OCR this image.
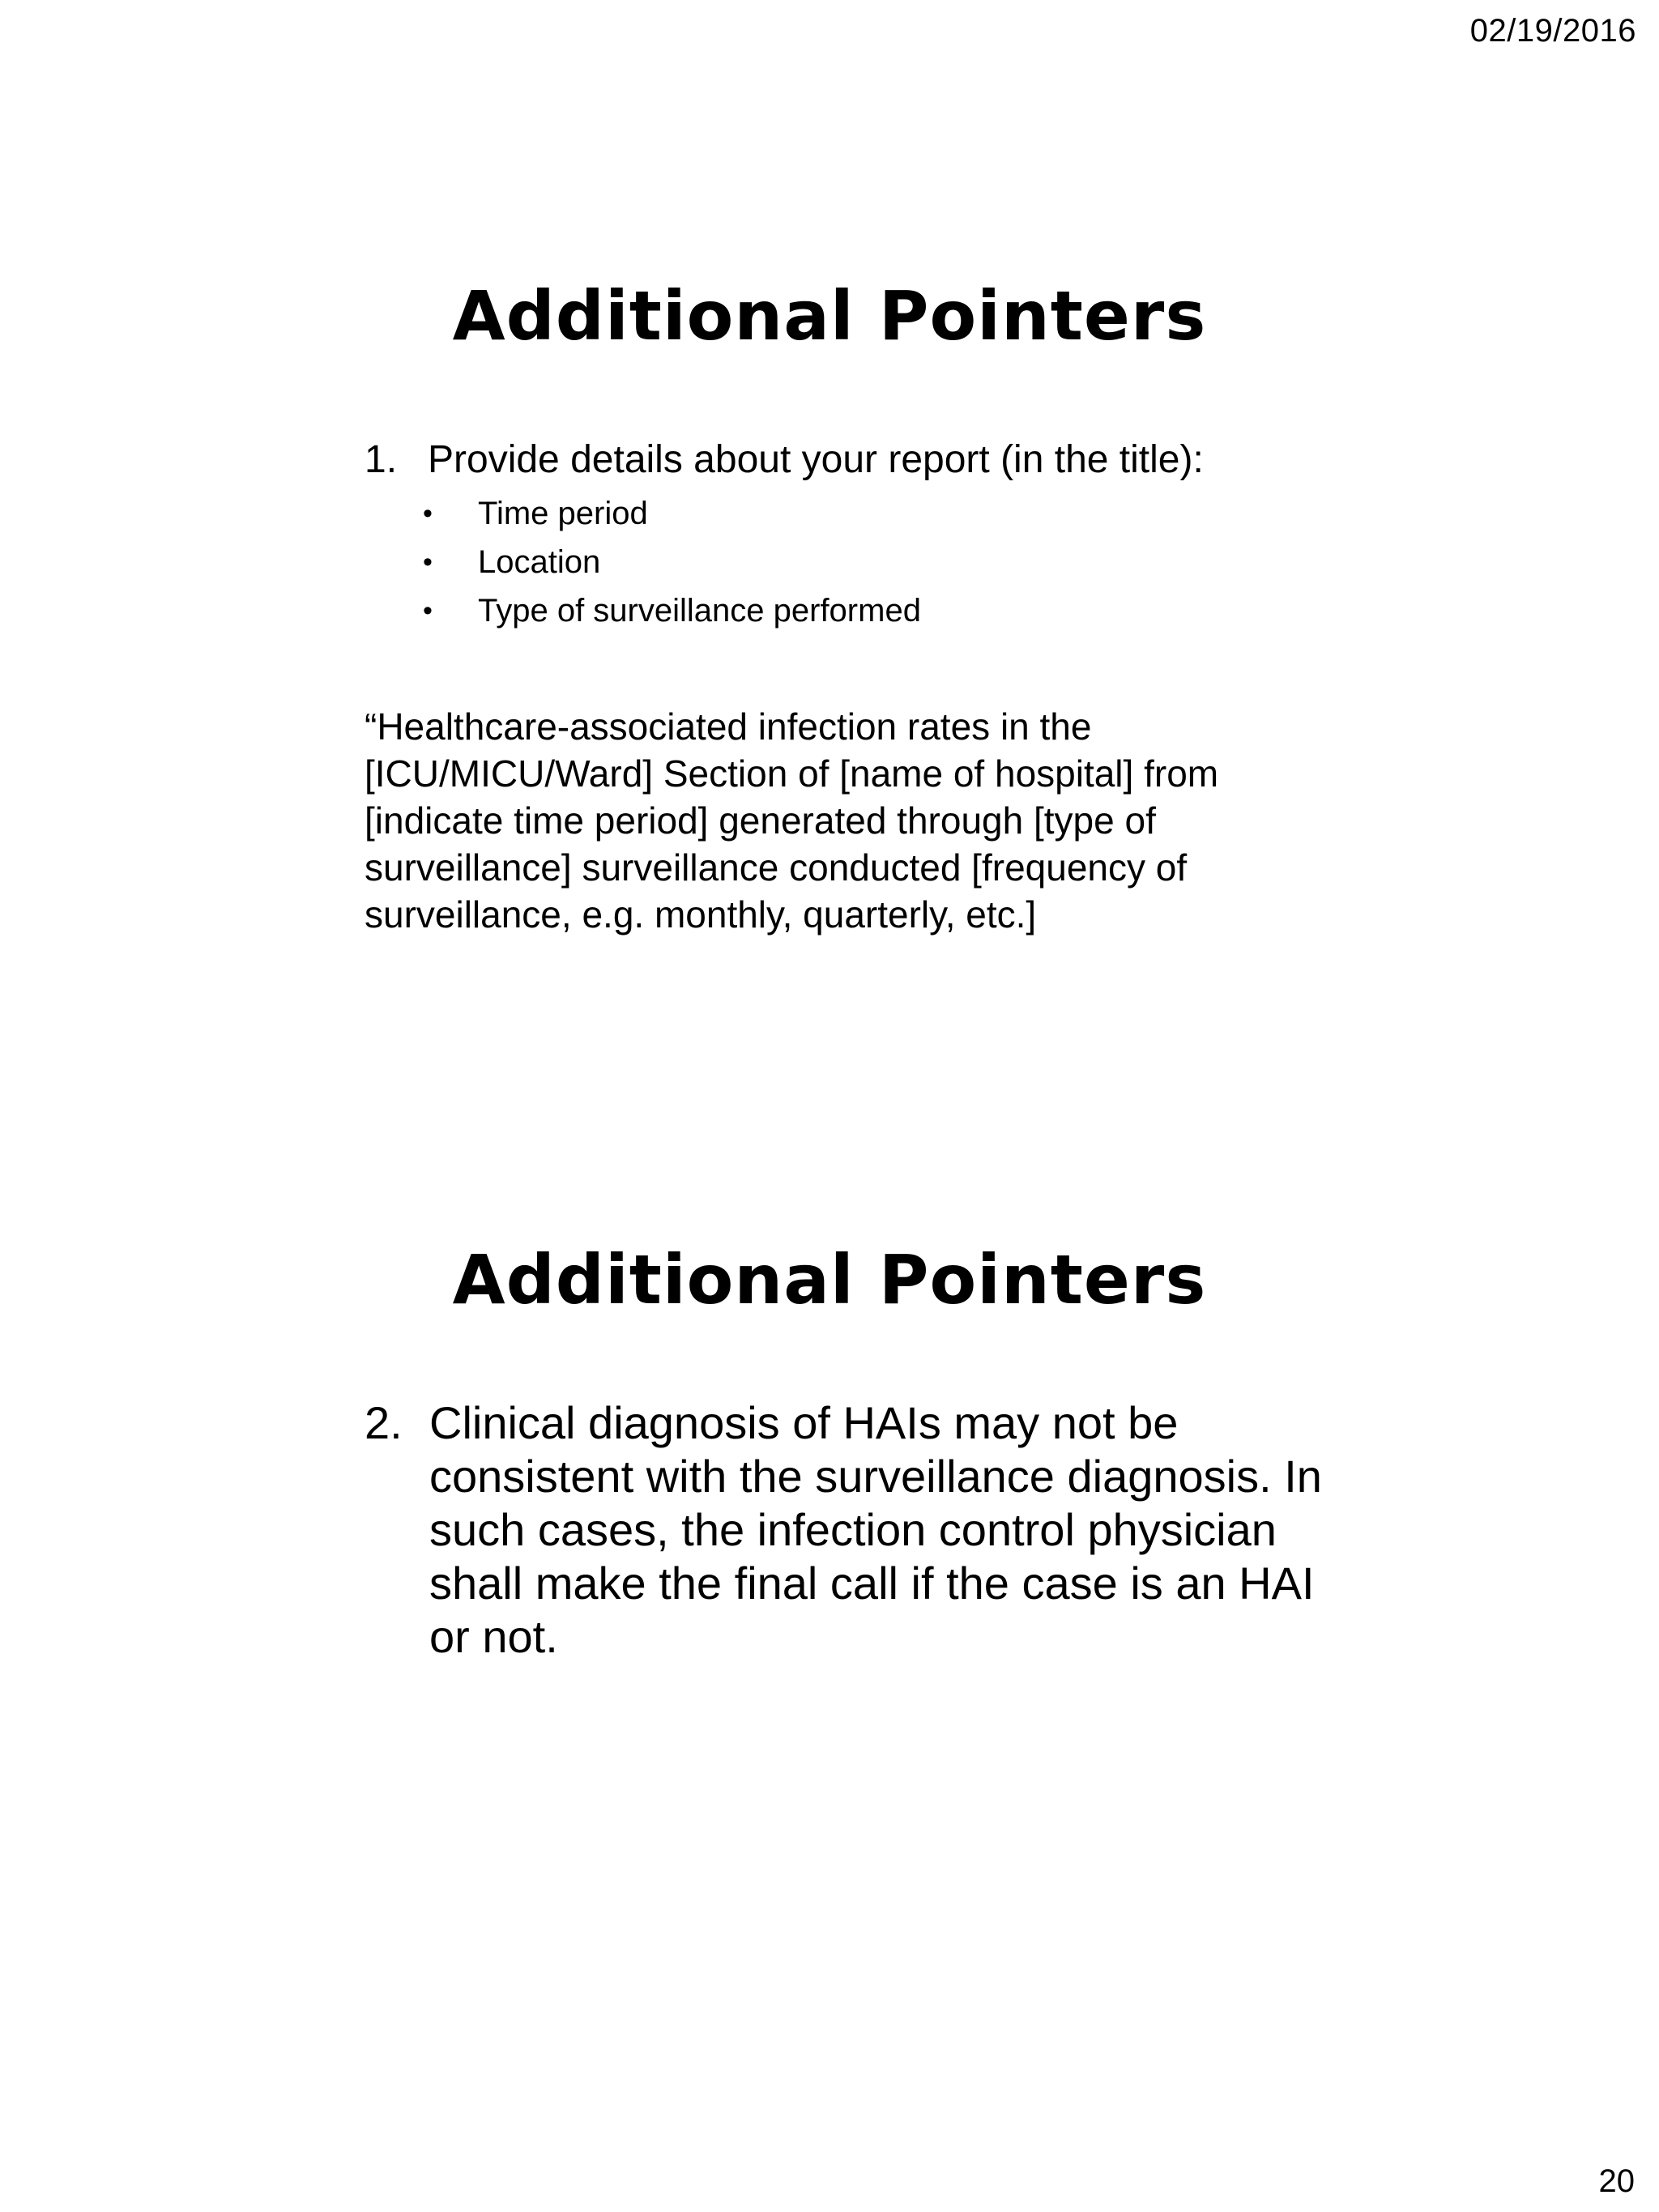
02/19/2016
Additional Pointers
1. Provide details about your report (in the title):
• Time period
• Location
• Type of surveillance performed

“Healthcare-associated infection rates in the [ICU/MICU/Ward] Section of [name of hospital] from [indicate time period] generated through [type of surveillance] surveillance conducted [frequency of surveillance, e.g. monthly, quarterly, etc.]

Additional Pointers
2. Clinical diagnosis of HAIs may not be consistent with the surveillance diagnosis. In such cases, the infection control physician shall make the final call if the case is an HAI or not.
20
